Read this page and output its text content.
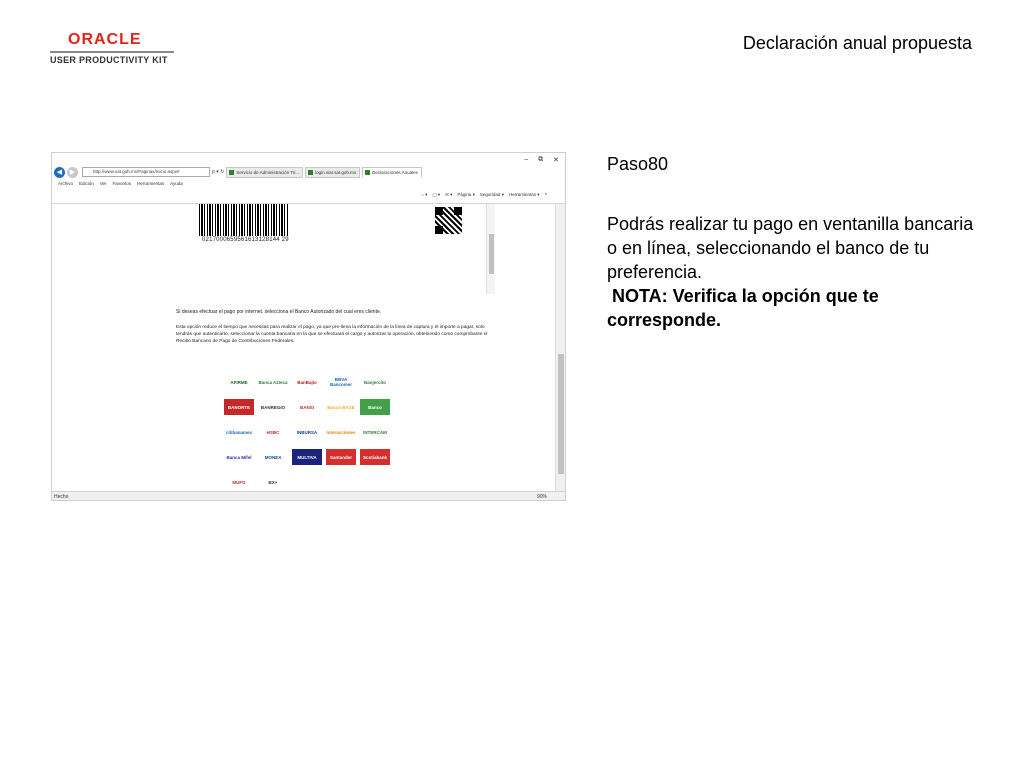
ORACLE
USER PRODUCTIVITY KIT
Declaración anual propuesta
– ⧉ ✕
◀	▶	http://www.sat.gob.mx/Paginas/Inicio.aspx#	ρ ▾ ↻	Servicio de Administración Tri...	login.siat.sat.gob.mx	Declaraciones Anuales
Archivo Edición Ver Favoritos Herramientas Ayuda
⌂ ▾ ▢ ▾ ✉ ▾ Página ▾ Seguridad ▾ Herramientas ▾ ?
0217000659561613128144 29
Si deseas efectuar el pago por internet, selecciona el Banco Autorizado del cual eres cliente.
Esta opción reduce el tiempo que necesitas para realizar el pago, ya que pre-llena la información de la línea de captura y el importe a pagar, solo tendrás que autenticarte, seleccionar la cuenta bancaria en la que se efectuará el cargo y autorizar la operación, obteniendo como comprobante el Recibo Bancario de Pago de Contribuciones Federales.
AFIRME	Banca Azteca	BanBajío	BBVA Bancomer	Banjercito
BANORTE	BANREGIO	BANSI	Banco BASE	Banco
citibanamex	HSBC	INBURSA	Interacciones	INTERCAM
Banca Mifel	MONEX	MULTIVA	Santander	Scotiabank
MUFG	BX+
Hecho	90%
Paso80
Podrás realizar tu pago en ventanilla bancaria o en línea, seleccionando el banco de tu preferencia.
NOTA: Verifica la opción que te corresponde.
